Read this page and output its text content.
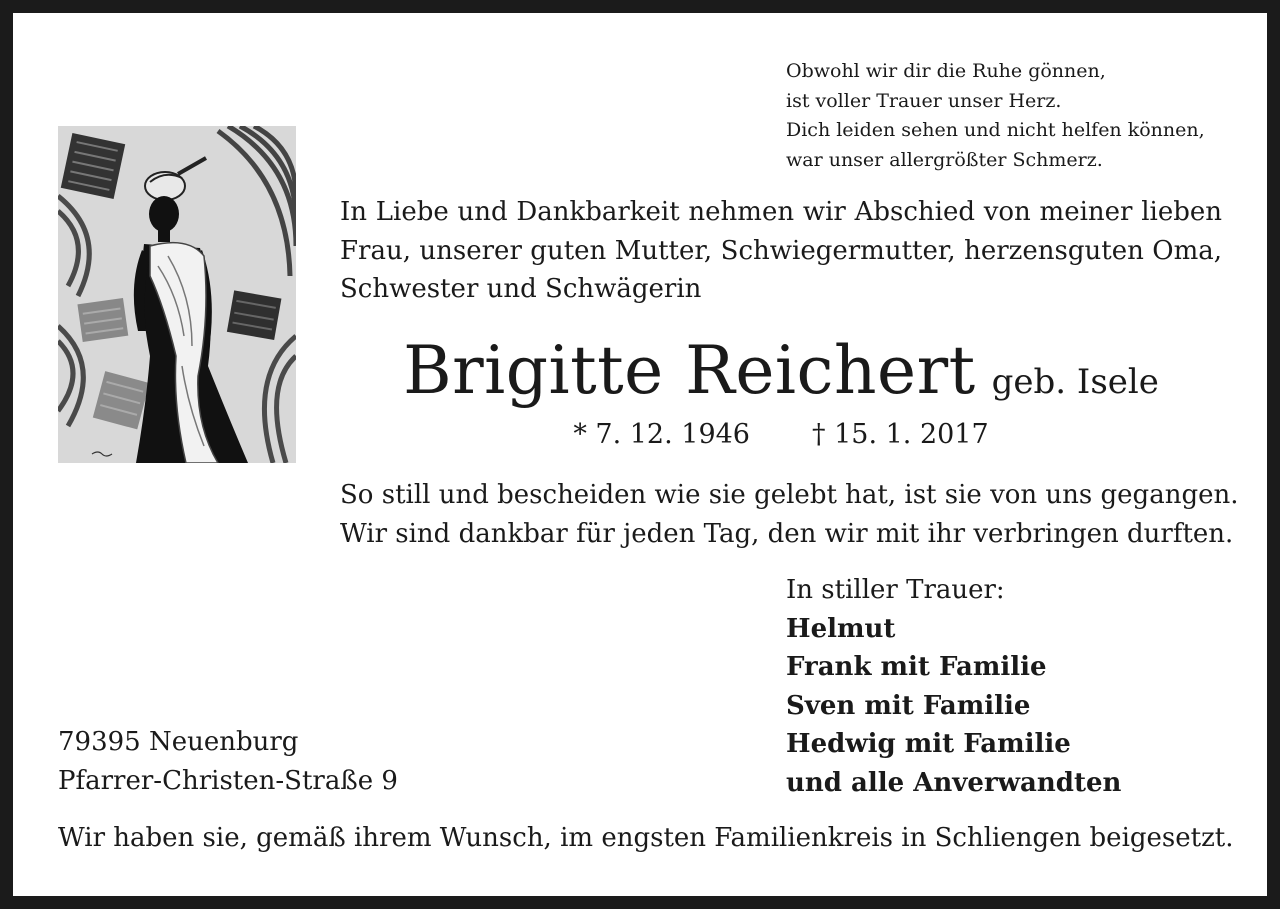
Obwohl wir dir die Ruhe gönnen,
ist voller Trauer unser Herz.
Dich leiden sehen und nicht helfen können,
war unser allergrößter Schmerz.
In Liebe und Dankbarkeit nehmen wir Abschied von meiner lieben
Frau, unserer guten Mutter, Schwiegermutter, herzensguten Oma,
Schwester und Schwägerin
Brigitte Reichert geb. Isele
* 7. 12. 1946 † 15. 1. 2017
So still und bescheiden wie sie gelebt hat, ist sie von uns gegangen.
Wir sind dankbar für jeden Tag, den wir mit ihr verbringen durften.
In stiller Trauer:
Helmut
Frank mit Familie
Sven mit Familie
Hedwig mit Familie
und alle Anverwandten
79395 Neuenburg
Pfarrer-Christen-Straße 9
Wir haben sie, gemäß ihrem Wunsch, im engsten Familienkreis in Schliengen beigesetzt.
